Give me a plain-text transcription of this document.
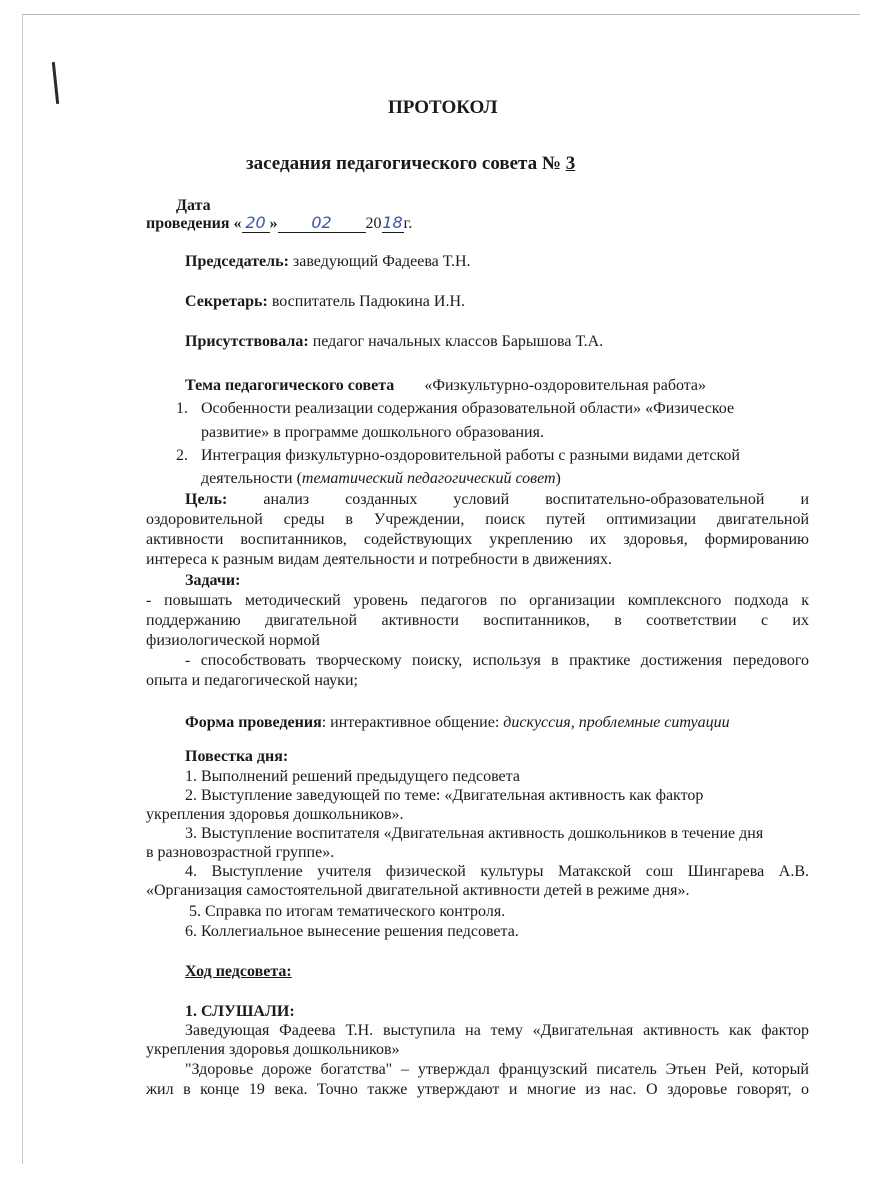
ПРОТОКОЛ
заседания педагогического совета № 3
Дата
проведения « 20 » 02 2018г.
Председатель: заведующий Фадеева Т.Н.
Секретарь: воспитатель Падюкина И.Н.
Присутствовала: педагог начальных классов Барышова Т.А.
Тема педагогического совета «Физкультурно-оздоровительная работа»
1. Особенности реализации содержания образовательной области» «Физическое
развитие» в программе дошкольного образования.
2. Интеграция физкультурно-оздоровительной работы с разными видами детской
деятельности (тематический педагогический совет)
Цель: анализ созданных условий воспитательно-образовательной и
оздоровительной среды в Учреждении, поиск путей оптимизации двигательной
активности воспитанников, содействующих укреплению их здоровья, формированию
интереса к разным видам деятельности и потребности в движениях.
Задачи:
- повышать методический уровень педагогов по организации комплексного подхода к
поддержанию двигательной активности воспитанников, в соответствии с их
физиологической нормой
- способствовать творческому поиску, используя в практике достижения передового
опыта и педагогической науки;
Форма проведения: интерактивное общение: дискуссия, проблемные ситуации
Повестка дня:
1. Выполнений решений предыдущего педсовета
2. Выступление заведующей по теме: «Двигательная активность как фактор
укрепления здоровья дошкольников».
3. Выступление воспитателя «Двигательная активность дошкольников в течение дня
в разновозрастной группе».
4. Выступление учителя физической культуры Матакской сош Шингарева А.В.
«Организация самостоятельной двигательной активности детей в режиме дня».
5. Справка по итогам тематического контроля.
6. Коллегиальное вынесение решения педсовета.
Ход педсовета:
1. СЛУШАЛИ:
Заведующая Фадеева Т.Н. выступила на тему «Двигательная активность как фактор
укрепления здоровья дошкольников»
"Здоровье дороже богатства" – утверждал французский писатель Этьен Рей, который
жил в конце 19 века. Точно также утверждают и многие из нас. О здоровье говорят, о
